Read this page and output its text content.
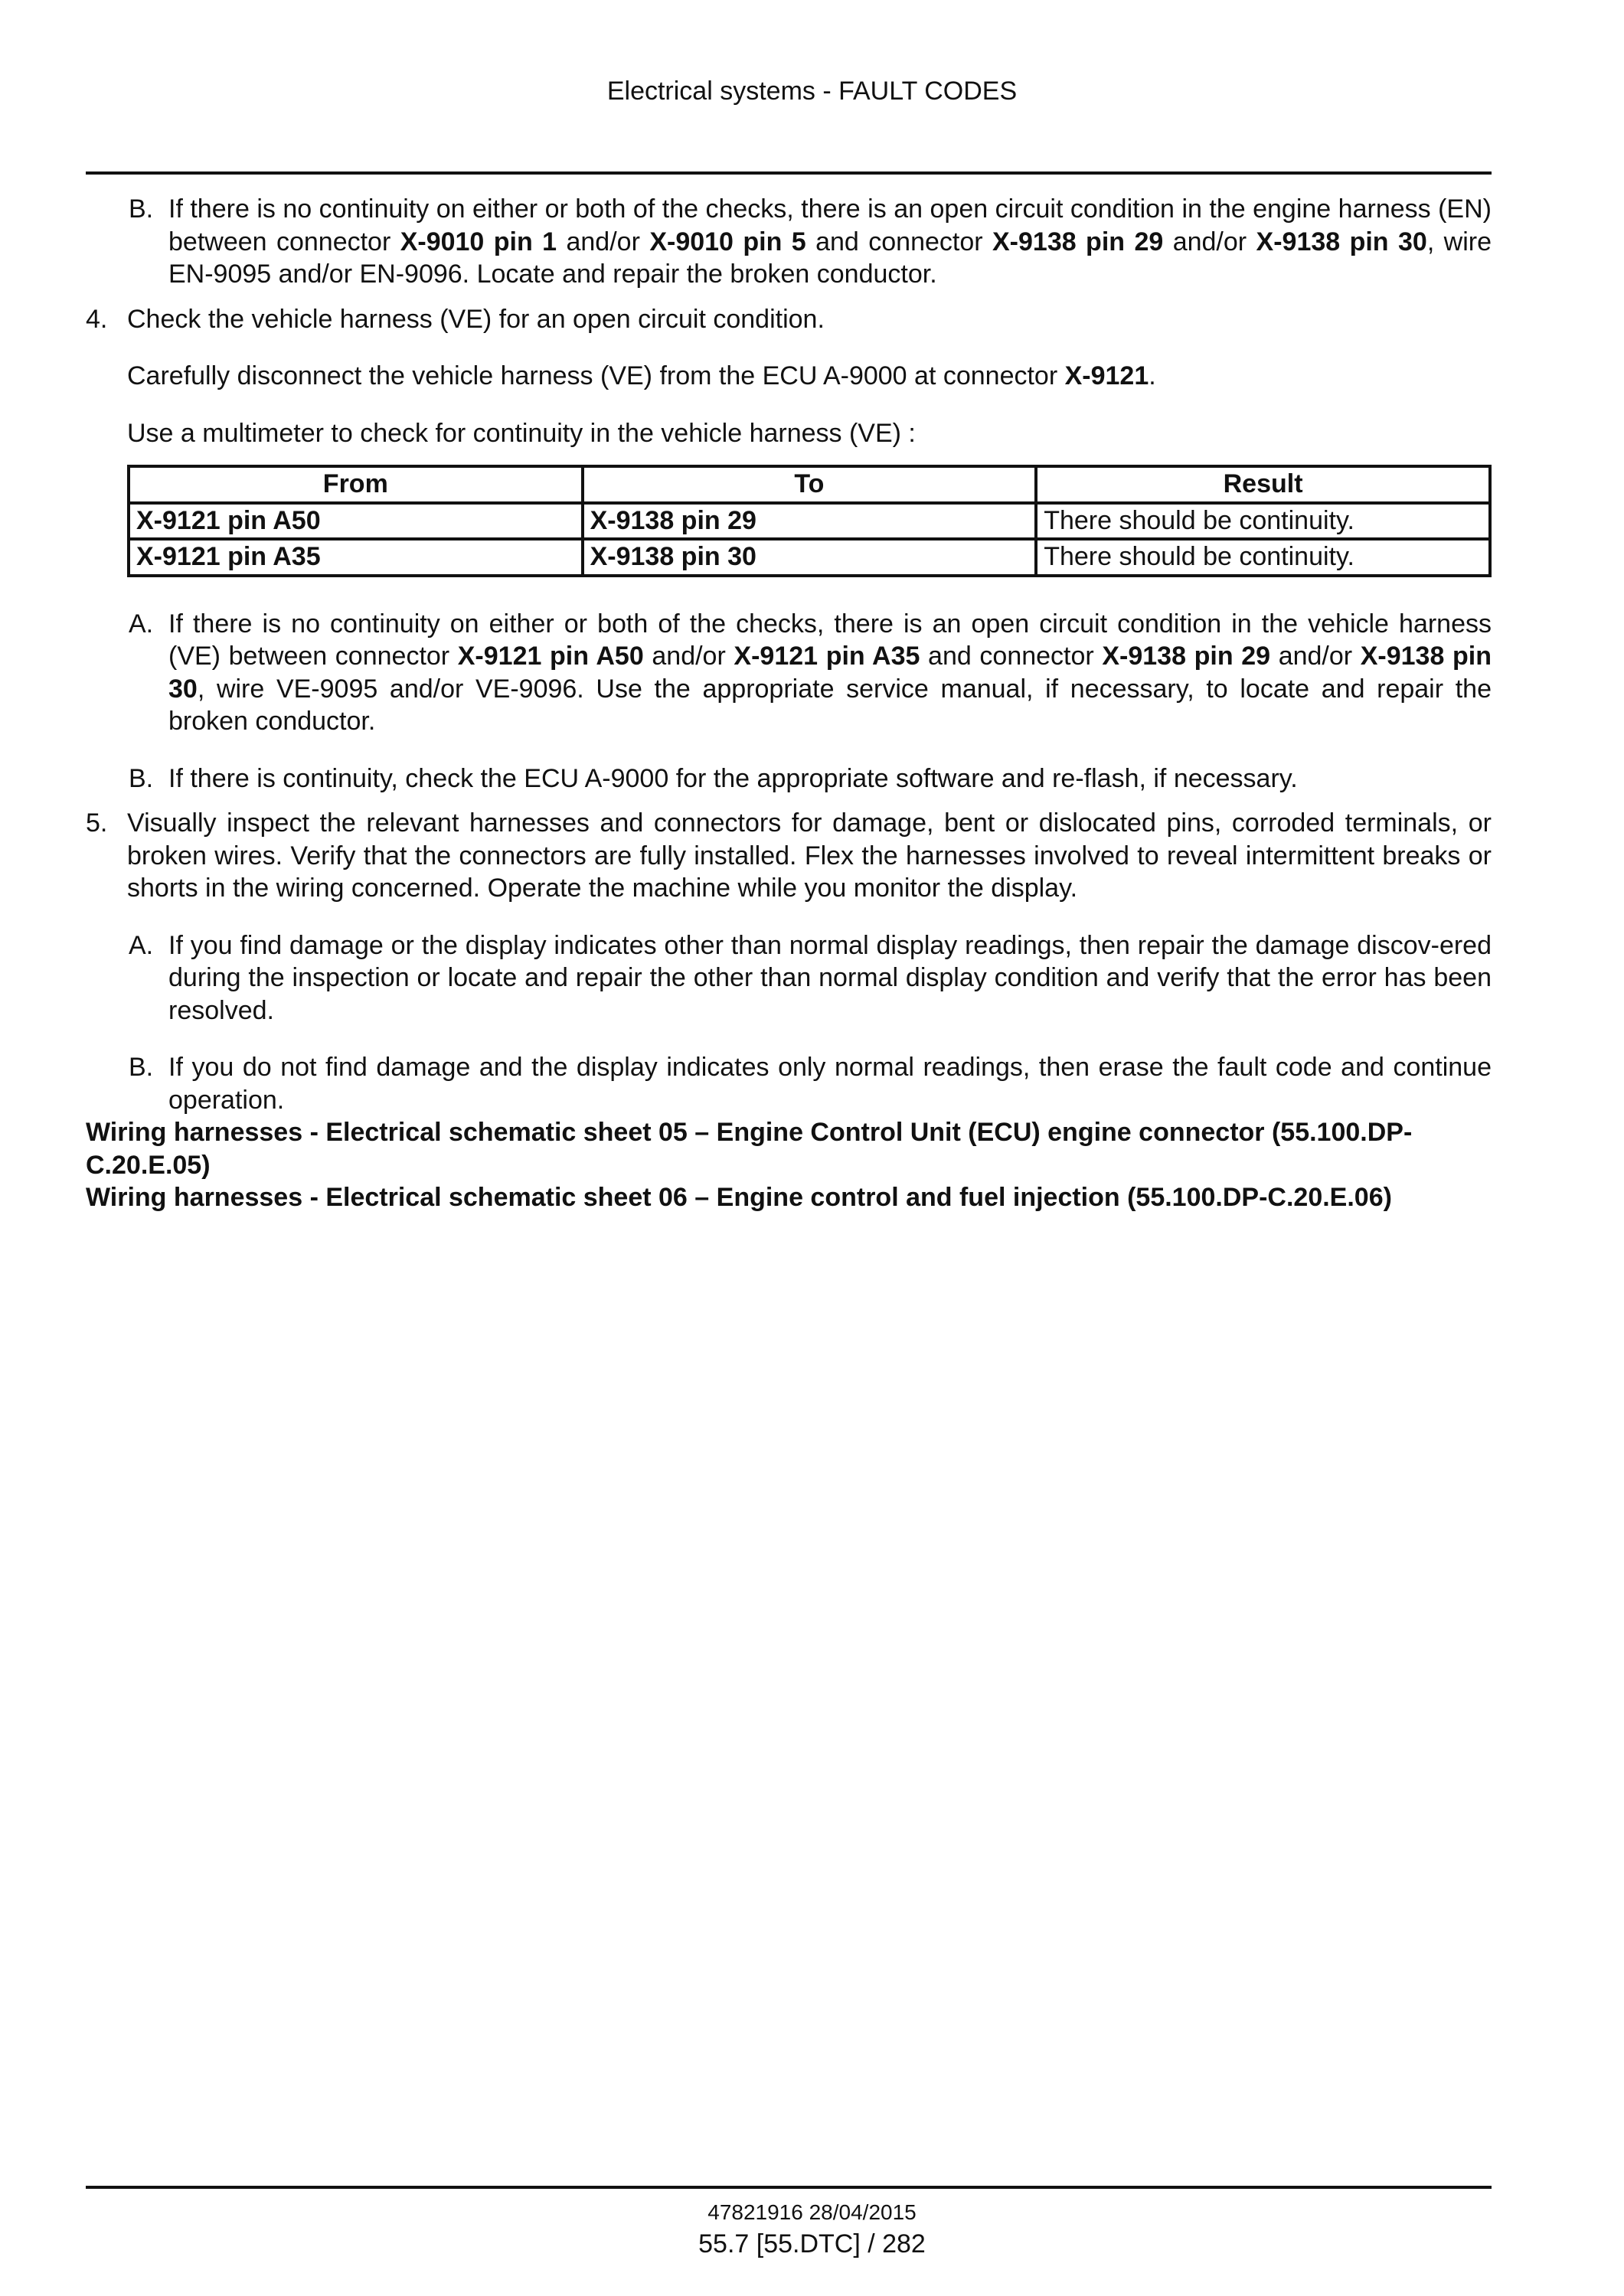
Electrical systems - FAULT CODES
B. If there is no continuity on either or both of the checks, there is an open circuit condition in the engine harness (EN) between connector X-9010 pin 1 and/or X-9010 pin 5 and connector X-9138 pin 29 and/or X-9138 pin 30, wire EN-9095 and/or EN-9096. Locate and repair the broken conductor.

4. Check the vehicle harness (VE) for an open circuit condition.

Carefully disconnect the vehicle harness (VE) from the ECU A-9000 at connector X-9121.

Use a multimeter to check for continuity in the vehicle harness (VE) :

From	To	Result
X-9121 pin A50	X-9138 pin 29	There should be continuity.
X-9121 pin A35	X-9138 pin 30	There should be continuity.
A. If there is no continuity on either or both of the checks, there is an open circuit condition in the vehicle harness (VE) between connector X-9121 pin A50 and/or X-9121 pin A35 and connector X-9138 pin 29 and/or X-9138 pin 30, wire VE-9095 and/or VE-9096. Use the appropriate service manual, if necessary, to locate and repair the broken conductor.

B. If there is continuity, check the ECU A-9000 for the appropriate software and re-flash, if necessary.

5. Visually inspect the relevant harnesses and connectors for damage, bent or dislocated pins, corroded terminals, or broken wires. Verify that the connectors are fully installed. Flex the harnesses involved to reveal intermittent breaks or shorts in the wiring concerned. Operate the machine while you monitor the display.

A. If you find damage or the display indicates other than normal display readings, then repair the damage discov-ered during the inspection or locate and repair the other than normal display condition and verify that the error has been resolved.

B. If you do not find damage and the display indicates only normal readings, then erase the fault code and continue operation.

Wiring harnesses - Electrical schematic sheet 05 – Engine Control Unit (ECU) engine connector (55.100.DP-C.20.E.05)

Wiring harnesses - Electrical schematic sheet 06 – Engine control and fuel injection (55.100.DP-C.20.E.06)

47821916 28/04/2015
55.7 [55.DTC] / 282
